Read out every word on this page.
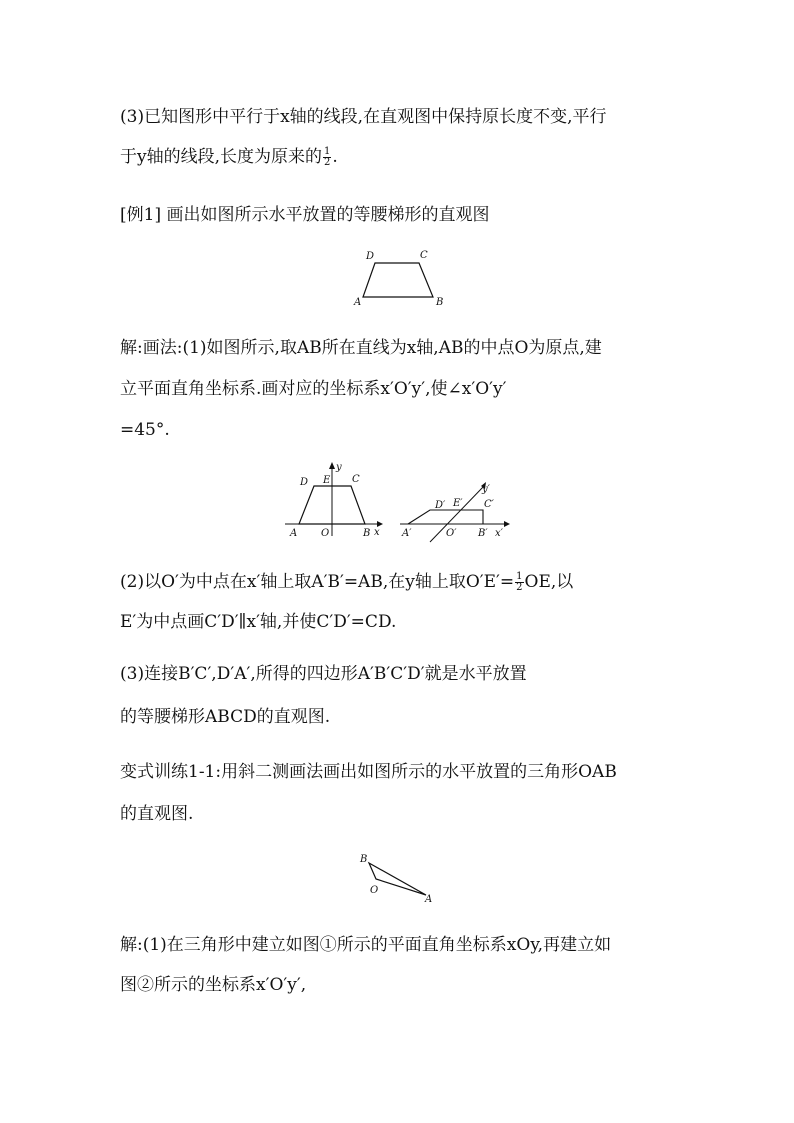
(3)已知图形中平行于x轴的线段,在直观图中保持原长度不变,平行
于y轴的线段,长度为原来的 $\frac{1}{2}$ .
[例1] 画出如图所示水平放置的等腰梯形的直观图
A	B
C
D
解:画法:(1)如图所示,取AB所在直线为x轴,AB的中点O为原点,建
立平面直角坐标系.画对应的坐标系x′O′y′,使∠x′O′y′
=45°.
A	B
C
D E
O	x
y
A′	B′
C′
D′ E′
O′	x′
y′
(2)以O′为中点在x′轴上取A′B′=AB,在y轴上取$O'E'= \frac{1}{2}$ OE,以
E′为中点画C′D′∥x′轴,并使C′D′=CD.
(3)连接B′C′,D′A′,所得的四边形A′B′C′D′就是水平放置
的等腰梯形ABCD的直观图.
变式训练1-1:用斜二测画法画出如图所示的水平放置的三角形OAB
的直观图.
B
O
A
解:(1)在三角形中建立如图①所示的平面直角坐标系xOy,再建立如
图②所示的坐标系x′O′y′,
